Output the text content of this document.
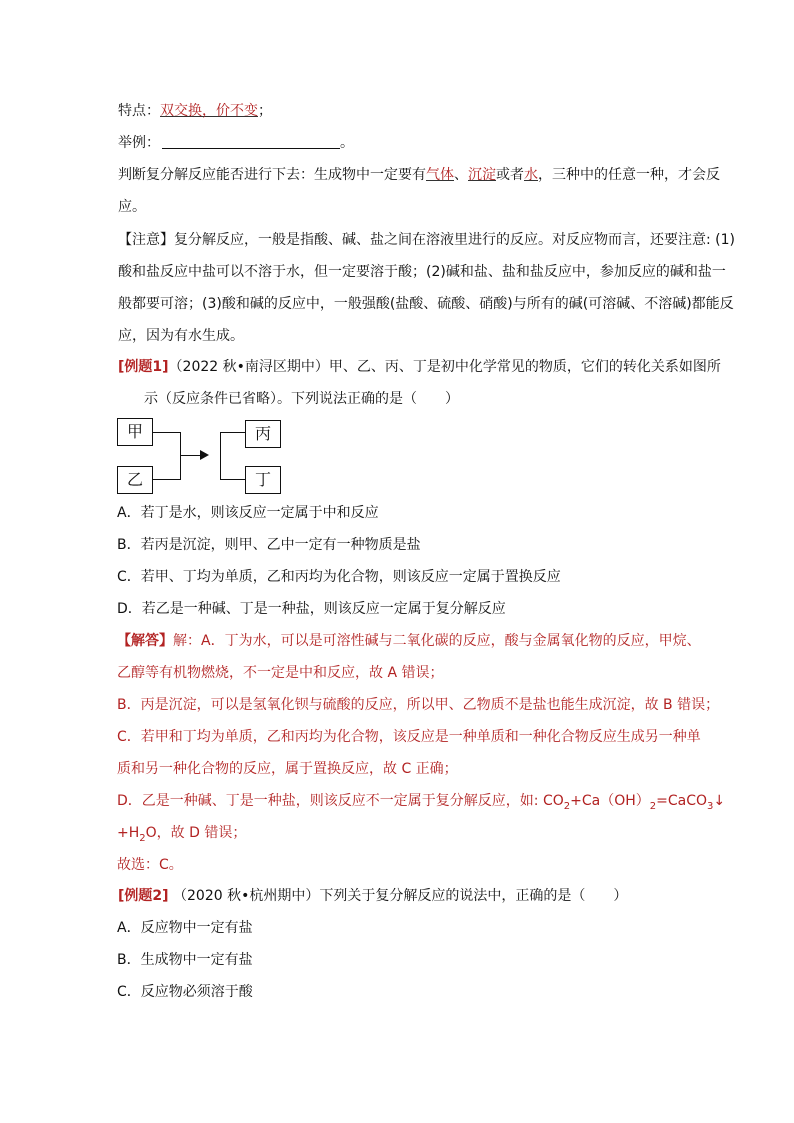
特点：双交换，价不变；
举例：	。
判断复分解反应能否进行下去：生成物中一定要有气体、沉淀或者水，三种中的任意一种，才会反
应。
【注意】复分解反应，一般是指酸、碱、盐之间在溶液里进行的反应。对反应物而言，还要注意: (1)
酸和盐反应中盐可以不溶于水，但一定要溶于酸；(2)碱和盐、盐和盐反应中，参加反应的碱和盐一
般都要可溶；(3)酸和碱的反应中，一般强酸(盐酸、硫酸、硝酸)与所有的碱(可溶碱、不溶碱)都能反
应，因为有水生成。
[例题1]（2022 秋•南浔区期中）甲、乙、丙、丁是初中化学常见的物质，它们的转化关系如图所
示（反应条件已省略）。下列说法正确的是（　　）
甲
乙
丙
丁
A．若丁是水，则该反应一定属于中和反应
B．若丙是沉淀，则甲、乙中一定有一种物质是盐
C．若甲、丁均为单质，乙和丙均为化合物，则该反应一定属于置换反应
D．若乙是一种碱、丁是一种盐，则该反应一定属于复分解反应
【解答】解：A．丁为水，可以是可溶性碱与二氧化碳的反应，酸与金属氧化物的反应，甲烷、
乙醇等有机物燃烧，不一定是中和反应，故 A 错误；
B．丙是沉淀，可以是氢氧化钡与硫酸的反应，所以甲、乙物质不是盐也能生成沉淀，故 B 错误；
C．若甲和丁均为单质，乙和丙均为化合物，该反应是一种单质和一种化合物反应生成另一种单
质和另一种化合物的反应，属于置换反应，故 C 正确；
D．乙是一种碱、丁是一种盐，则该反应不一定属于复分解反应，如: $CO_2+Ca(OH)_2=CaCO_3↓$
$+H_2O$，故 D 错误；
故选：C。
[例题2] （2020 秋•杭州期中）下列关于复分解反应的说法中，正确的是（　　）
A．反应物中一定有盐
B．生成物中一定有盐
C．反应物必须溶于酸
